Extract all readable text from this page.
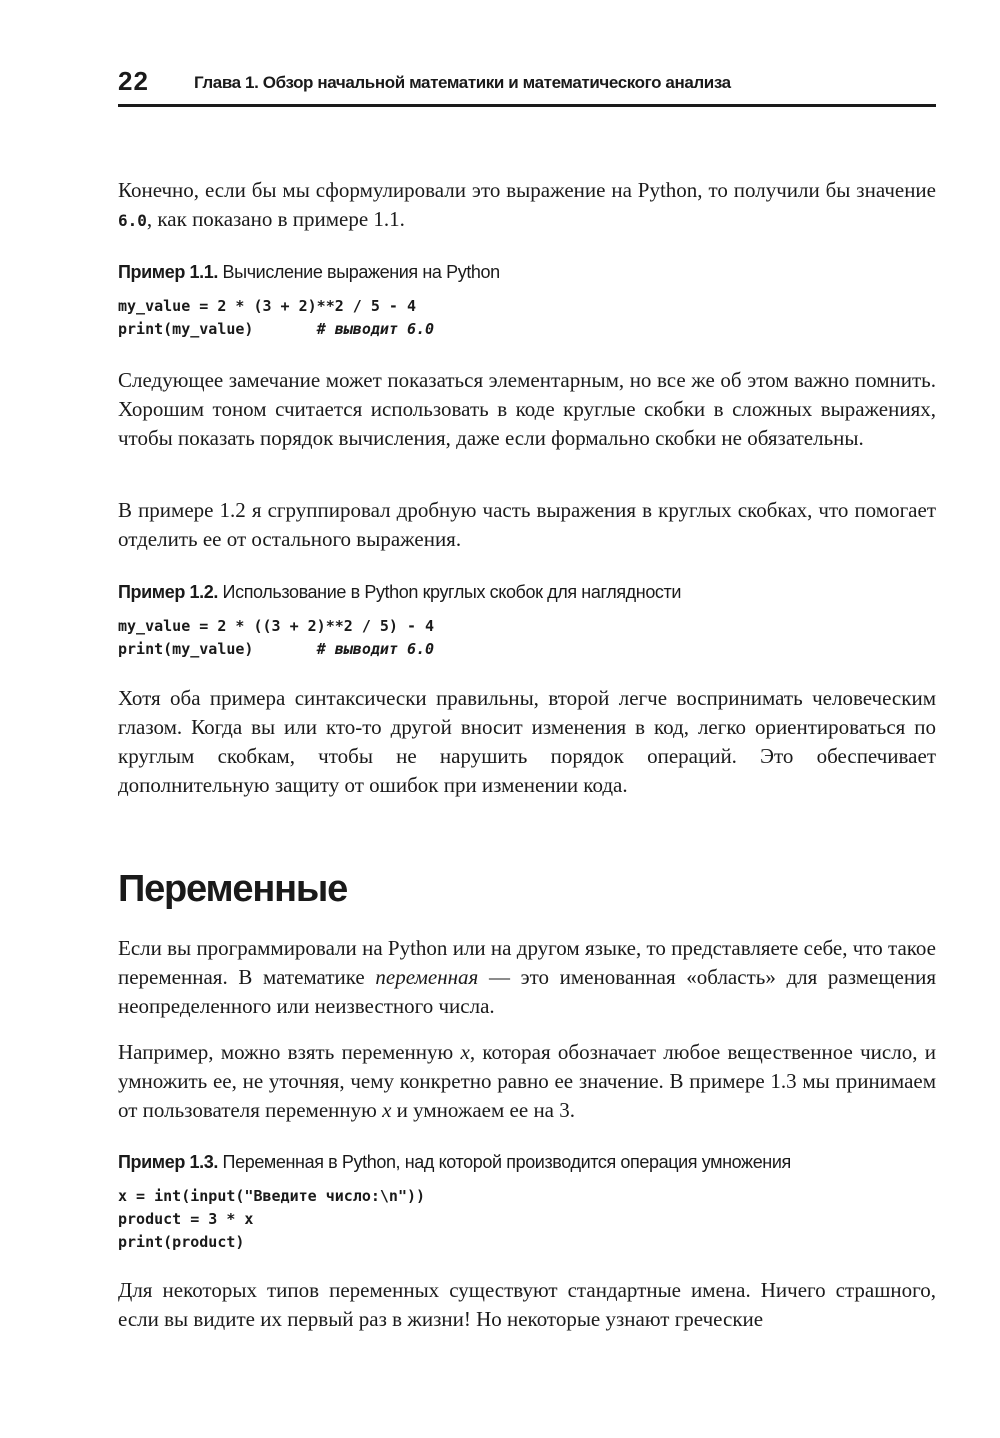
22	Глава 1. Обзор начальной математики и математического анализа

Конечно, если бы мы сформулировали это выражение на Python, то получили бы значение 6.0, как показано в примере 1.1.

Пример 1.1. Вычисление выражения на Python
my_value = 2 * (3 + 2)**2 / 5 - 4
print(my_value)       # выводит 6.0

Следующее замечание может показаться элементарным, но все же об этом важно помнить. Хорошим тоном считается использовать в коде круглые скобки в сложных выражениях, чтобы показать порядок вычисления, даже если формально скобки не обязательны.

В примере 1.2 я сгруппировал дробную часть выражения в круглых скобках, что помогает отделить ее от остального выражения.

Пример 1.2. Использование в Python круглых скобок для наглядности
my_value = 2 * ((3 + 2)**2 / 5) - 4
print(my_value)       # выводит 6.0

Хотя оба примера синтаксически правильны, второй легче воспринимать человеческим глазом. Когда вы или кто-то другой вносит изменения в код, легко ориентироваться по круглым скобкам, чтобы не нарушить порядок операций. Это обеспечивает дополнительную защиту от ошибок при изменении кода.

Переменные

Если вы программировали на Python или на другом языке, то представляете себе, что такое переменная. В математике переменная — это именованная «область» для размещения неопределенного или неизвестного числа.

Например, можно взять переменную x, которая обозначает любое вещественное число, и умножить ее, не уточняя, чему конкретно равно ее значение. В примере 1.3 мы принимаем от пользователя переменную x и умножаем ее на 3.

Пример 1.3. Переменная в Python, над которой производится операция умножения
x = int(input("Введите число:\n"))
product = 3 * x
print(product)

Для некоторых типов переменных существуют стандартные имена. Ничего страшного, если вы видите их первый раз в жизни! Но некоторые узнают греческие
